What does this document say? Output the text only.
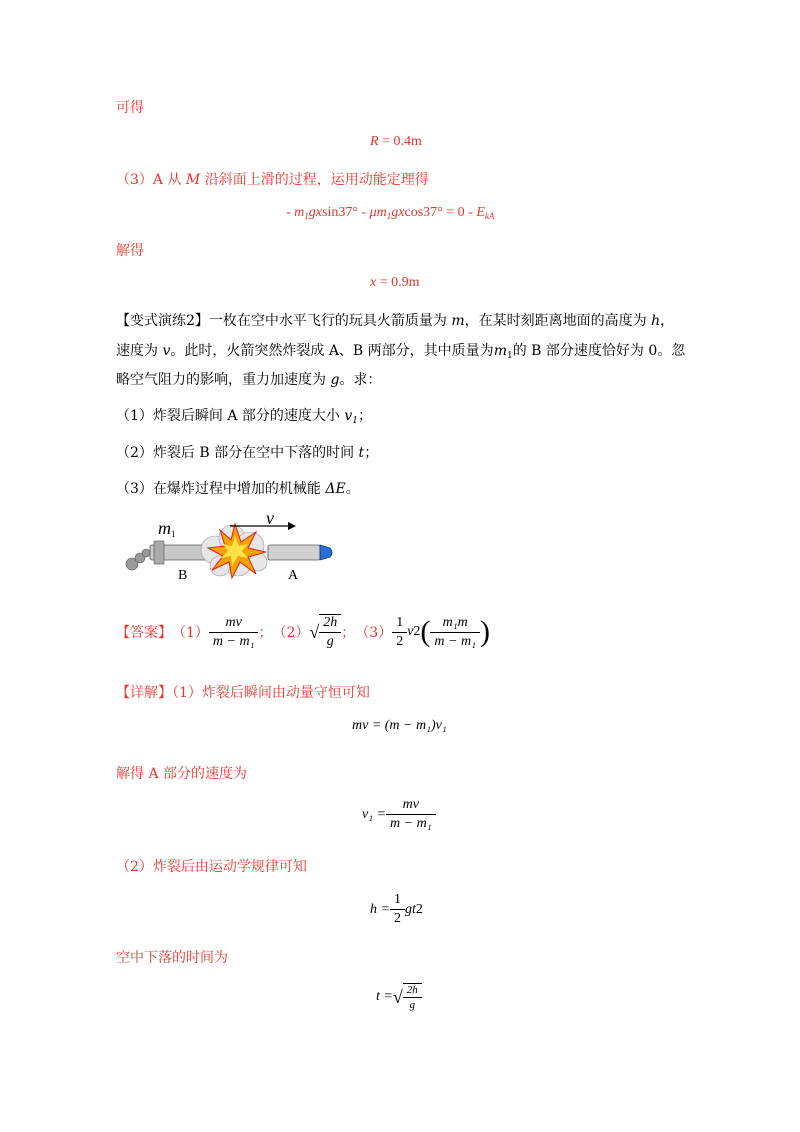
可得
R = 0.4m
（3）A 从 M 沿斜面上滑的过程，运用动能定理得
- $m_1gxsin37^\circ - \mu m_1gxcos37^\circ = 0 - E_{kA}$
解得
x = 0.9m
【变式演练2】一枚在空中水平飞行的玩具火箭质量为 m，在某时刻距离地面的高度为 h，
速度为 v。此时，火箭突然炸裂成 A、B 两部分，其中质量为$m_1$的 B 部分速度恰好为 0。忽
略空气阻力的影响，重力加速度为 g。求：
（1）炸裂后瞬间 A 部分的速度大小 $v_1$；
（2）炸裂后 B 部分在空中下落的时间 t；
（3）在爆炸过程中增加的机械能 ΔE。
$m_1$
v
B	A
【答案】 $(1) \frac{mv}{\text{m − m₁}}$ ； （2） √ $\frac{2h}{g}$ ； $(3) \frac{1}{2}$ v 2 ( $\frac{\text{m₁m}}{\text{m − m₁}}$ )
【详解】（1）炸裂后瞬间由动量守恒可知
mv = (m − m₁)v₁
解得 A 部分的速度为
$v_1 = \frac{mv}{\text{m − m₁}}$
（2）炸裂后由运动学规律可知
$h = \frac{1}{2}$ gt 2
空中下落的时间为
t = √ $\frac{2h}{g}$
